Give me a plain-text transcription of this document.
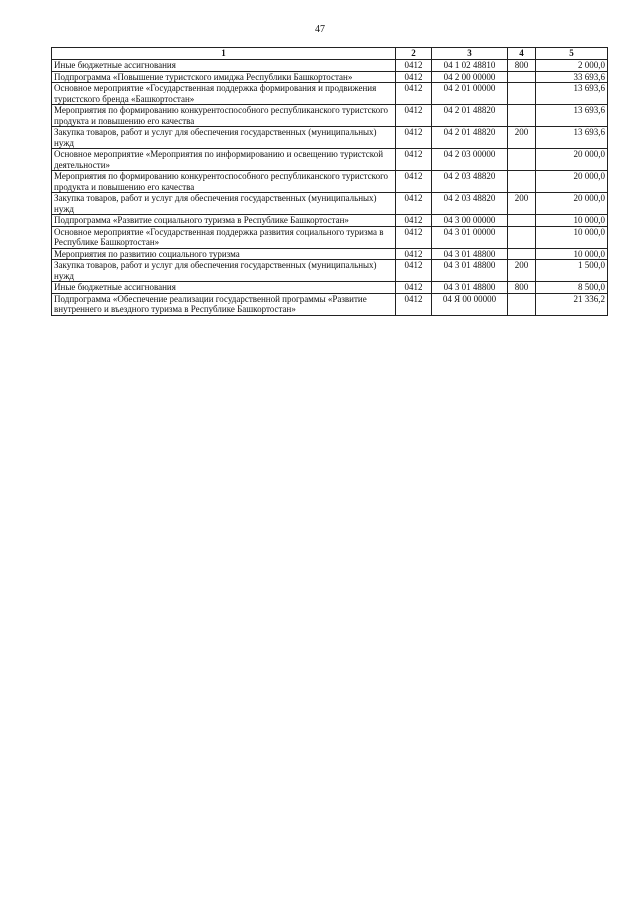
47
1	2	3	4	5
Иные бюджетные ассигнования	0412	04 1 02 48810	800	2 000,0
Подпрограмма «Повышение туристского имиджа Республики Башкортостан»	0412	04 2 00 00000		33 693,6
Основное мероприятие «Государственная поддержка формирования и продвижения туристского бренда «Башкортостан»	0412	04 2 01 00000		13 693,6
Мероприятия по формированию конкурентоспособного республиканского туристского продукта и повышению его качества	0412	04 2 01 48820		13 693,6
Закупка товаров, работ и услуг для обеспечения государственных (муниципальных) нужд	0412	04 2 01 48820	200	13 693,6
Основное мероприятие «Мероприятия по информированию и освещению туристской деятельности»	0412	04 2 03 00000		20 000,0
Мероприятия по формированию конкурентоспособного республиканского туристского продукта и повышению его качества	0412	04 2 03 48820		20 000,0
Закупка товаров, работ и услуг для обеспечения государственных (муниципальных) нужд	0412	04 2 03 48820	200	20 000,0
Подпрограмма «Развитие социального туризма в Республике Башкортостан»	0412	04 3 00 00000		10 000,0
Основное мероприятие «Государственная поддержка развития социального туризма в Республике Башкортостан»	0412	04 3 01 00000		10 000,0
Мероприятия по развитию социального туризма	0412	04 3 01 48800		10 000,0
Закупка товаров, работ и услуг для обеспечения государственных (муниципальных) нужд	0412	04 3 01 48800	200	1 500,0
Иные бюджетные ассигнования	0412	04 3 01 48800	800	8 500,0
Подпрограмма «Обеспечение реализации государственной программы «Развитие внутреннего и въездного туризма в Республике Башкортостан»	0412	04 Я 00 00000		21 336,2
